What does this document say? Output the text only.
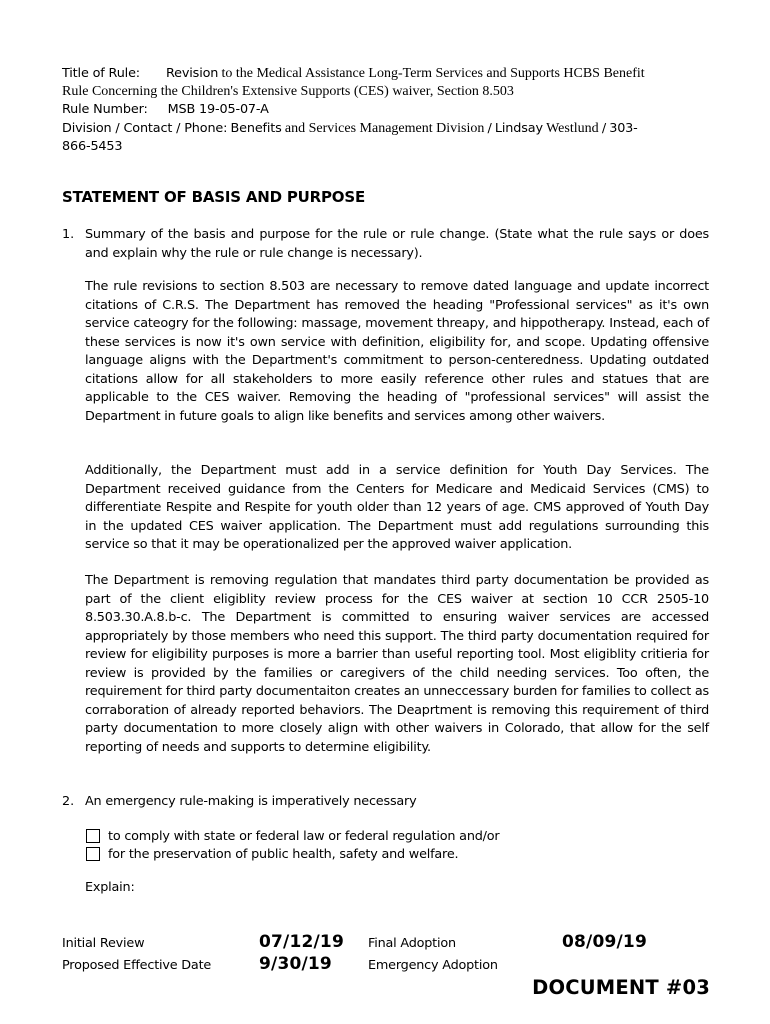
Title of Rule: Revision to the Medical Assistance Long-Term Services and Supports HCBS Benefit
Rule Concerning the Children's Extensive Supports (CES) waiver, Section 8.503
Rule Number: MSB 19-05-07-A
Division / Contact / Phone: Benefits and Services Management Division / Lindsay Westlund / 303-
866-5453
STATEMENT OF BASIS AND PURPOSE
1. Summary of the basis and purpose for the rule or rule change. (State what the rule says or does and explain why the rule or rule change is necessary).
The rule revisions to section 8.503 are necessary to remove dated language and update incorrect citations of C.R.S. The Department has removed the heading "Professional services" as it's own service cateogry for the following: massage, movement threapy, and hippotherapy. Instead, each of these services is now it's own service with definition, eligibility for, and scope. Updating offensive language aligns with the Department's commitment to person-centeredness. Updating outdated citations allow for all stakeholders to more easily reference other rules and statues that are applicable to the CES waiver. Removing the heading of "professional services" will assist the Department in future goals to align like benefits and services among other waivers.
Additionally, the Department must add in a service definition for Youth Day Services. The Department received guidance from the Centers for Medicare and Medicaid Services (CMS) to differentiate Respite and Respite for youth older than 12 years of age. CMS approved of Youth Day in the updated CES waiver application. The Department must add regulations surrounding this service so that it may be operationalized per the approved waiver application.
The Department is removing regulation that mandates third party documentation be provided as part of the client eligiblity review process for the CES waiver at section 10 CCR 2505-10 8.503.30.A.8.b-c. The Department is committed to ensuring waiver services are accessed appropriately by those members who need this support. The third party documentation required for review for eligibility purposes is more a barrier than useful reporting tool. Most eligiblity critieria for review is provided by the families or caregivers of the child needing services. Too often, the requirement for third party documentaiton creates an unneccessary burden for families to collect as corraboration of already reported behaviors. The Deaprtment is removing this requirement of third party documentation to more closely align with other waivers in Colorado, that allow for the self reporting of needs and supports to determine eligibility.
2. An emergency rule-making is imperatively necessary
to comply with state or federal law or federal regulation and/or
for the preservation of public health, safety and welfare.
Explain:
Initial Review	07/12/19 Final Adoption	08/09/19
Proposed Effective Date	9/30/19	Emergency Adoption
DOCUMENT #03
